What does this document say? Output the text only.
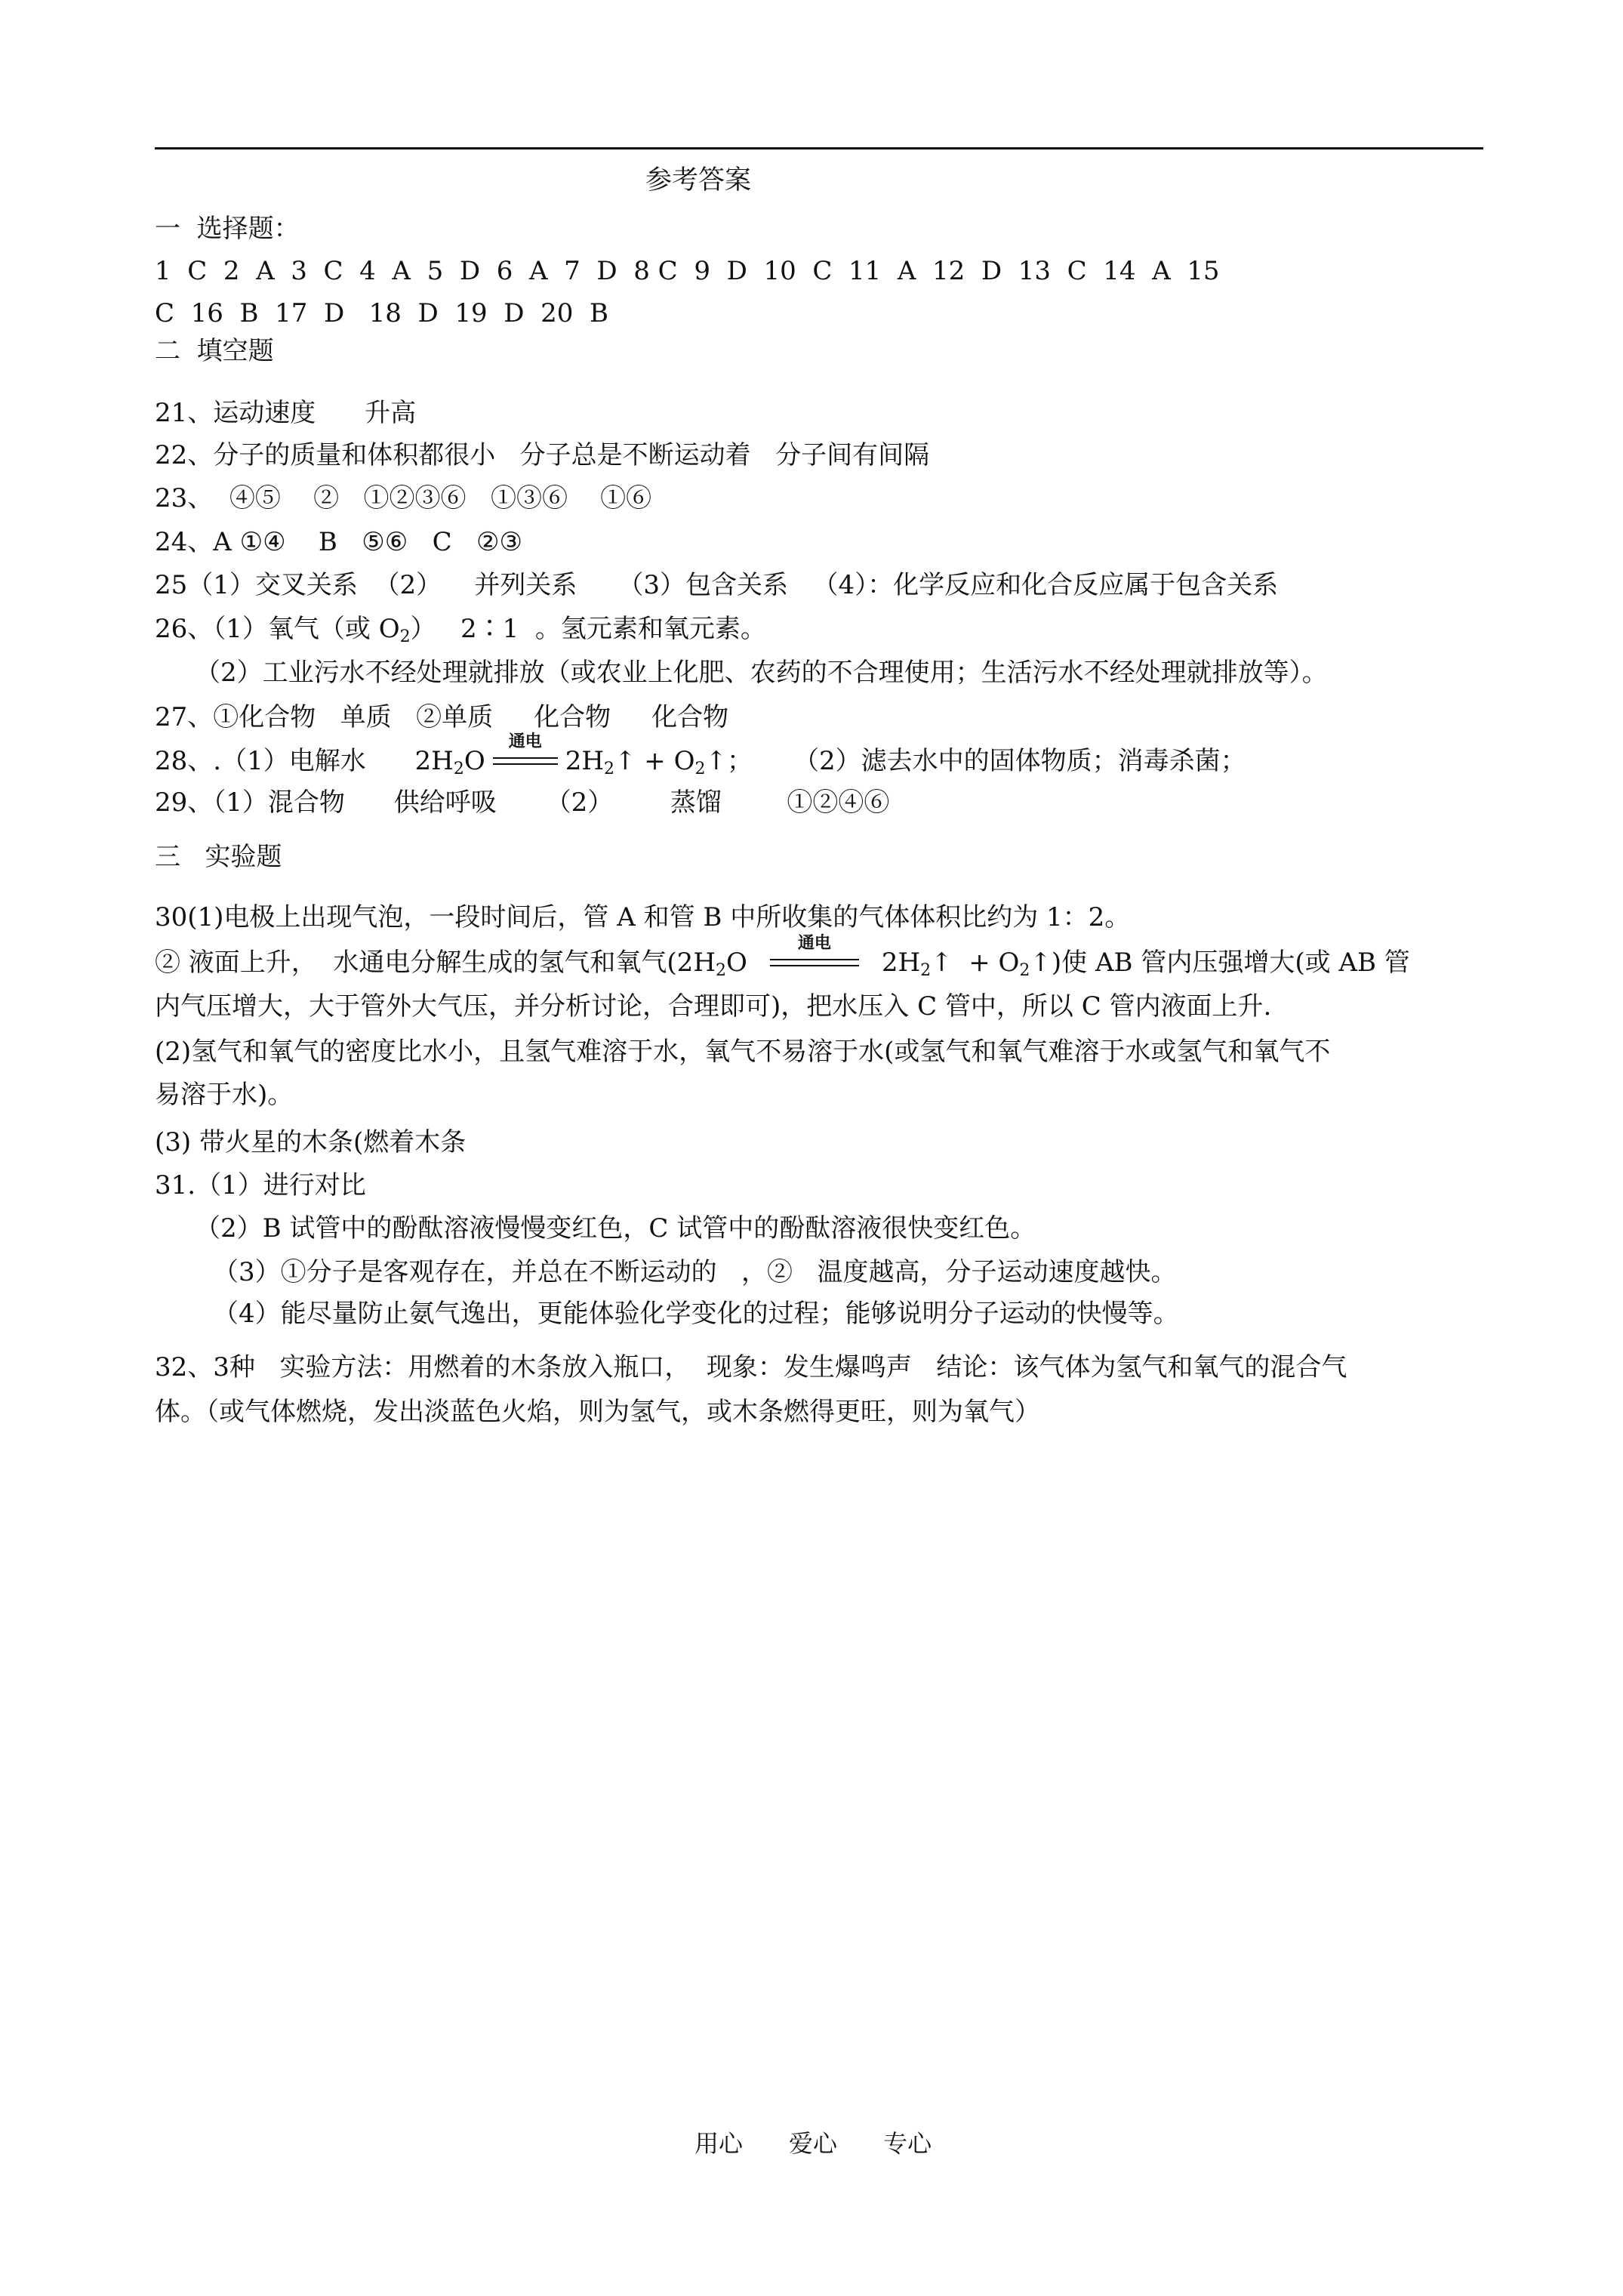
参考答案
一  选择题：
1  C  2  A  3  C  4  A  5  D  6  A  7  D  8 C  9  D  10  C  11  A  12  D  13  C  14  A  15
C  16  B  17  D   18  D  19  D  20  B
二  填空题
21、运动速度      升高
22、分子的质量和体积都很小   分子总是不断运动着   分子间有间隔
23、  ④⑤    ②   ①②③⑥   ①③⑥    ①⑥
24、A ①④    B   ⑤⑥   C   ②③
25（1）交叉关系  （2）    并列关系     （3）包含关系   （4）：化学反应和化合反应属于包含关系
26、（1）氧气（或 $O_2$）   2∶1  。氢元素和氧元素。
（2）工业污水不经处理就排放（或农业上化肥、农药的不合理使用；生活污水不经处理就排放等）。
27、①化合物   单质   ②单质     化合物     化合物
28、.（1）电解水      $2H_2O$
通电
$2H_2↑$ + $O_2↑$；     （2）滤去水中的固体物质；消毒杀菌；
29、（1）混合物      供给呼吸      （2）       蒸馏        ①②④⑥
三   实验题
30(1)电极上出现气泡，一段时间后，管 A 和管 B 中所收集的气体体积比约为 1：2。
② 液面上升，  水通电分解生成的氢气和氧气($2H_2O$
通电
$2H_2↑$  + $O_2↑$)使 AB 管内压强增大(或 AB 管
内气压增大，大于管外大气压，并分析讨论，合理即可)，把水压入 C 管中，所以 C 管内液面上升.
(2)氢气和氧气的密度比水小，且氢气难溶于水，氧气不易溶于水(或氢气和氧气难溶于水或氢气和氧气不
易溶于水)。
(3) 带火星的木条(燃着木条
31.（1）进行对比
（2）B 试管中的酚酞溶液慢慢变红色，C 试管中的酚酞溶液很快变红色。
（3）①分子是客观存在，并总在不断运动的   ，②   温度越高，分子运动速度越快。
（4）能尽量防止氨气逸出，更能体验化学变化的过程；能够说明分子运动的快慢等。
32、3种   实验方法：用燃着的木条放入瓶口，  现象：发生爆鸣声   结论：该气体为氢气和氧气的混合气
体。（或气体燃烧，发出淡蓝色火焰，则为氢气，或木条燃得更旺，则为氧气）
用心      爱心      专心
